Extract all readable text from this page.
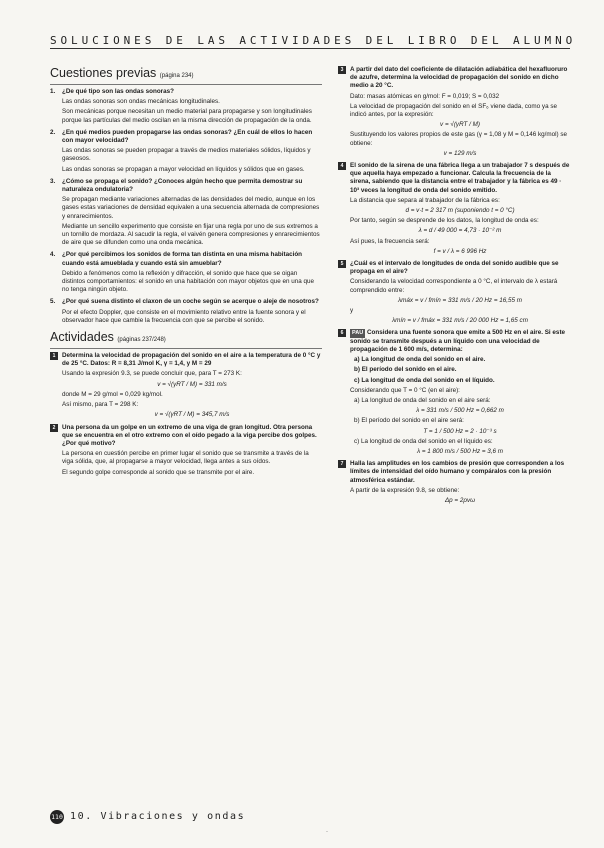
SOLUCIONES DE LAS ACTIVIDADES DEL LIBRO DEL ALUMNO
Cuestiones previas (página 234)
1. ¿De qué tipo son las ondas sonoras?

Las ondas sonoras son ondas mecánicas longitudinales.

Son mecánicas porque necesitan un medio material para propagarse y son longitudinales porque las partículas del medio oscilan en la misma dirección de propagación de la onda.

2. ¿En qué medios pueden propagarse las ondas sonoras? ¿En cuál de ellos lo hacen con mayor velocidad?

Las ondas sonoras se pueden propagar a través de medios materiales sólidos, líquidos y gaseosos.

Las ondas sonoras se propagan a mayor velocidad en líquidos y sólidos que en gases.

3. ¿Cómo se propaga el sonido? ¿Conoces algún hecho que permita demostrar su naturaleza ondulatoria?

Se propagan mediante variaciones alternadas de las densidades del medio, aunque en los gases estas variaciones de densidad equivalen a una secuencia alternada de compresiones y enrarecimientos.

Mediante un sencillo experimento que consiste en fijar una regla por uno de sus extremos a un tornillo de mordaza. Al sacudir la regla, el vaivén genera compresiones y enrarecimientos de aire que se difunden como una onda mecánica.

4. ¿Por qué percibimos los sonidos de forma tan distinta en una misma habitación cuando está amueblada y cuando está sin amueblar?

Debido a fenómenos como la reflexión y difracción, el sonido que hace que se oigan distintos comportamientos: el sonido en una habitación con mayor objetos que en una que no tenga ningún objeto.

5. ¿Por qué suena distinto el claxon de un coche según se acerque o aleje de nosotros?

Por el efecto Doppler, que consiste en el movimiento relativo entre la fuente sonora y el observador hace que cambie la frecuencia con que se percibe el sonido.

Actividades (páginas 237/248)
1	Determina la velocidad de propagación del sonido en el aire a la temperatura de 0 °C y de 25 °C. Datos: R = 8,31 J/mol K, γ = 1,4, y M = 29

Usando la expresión 9.3, se puede concluir que, para T = 273 K:

v = √(γRT / M) = 331 m/s

donde M = 29 g/mol = 0,029 kg/mol.

Así mismo, para T = 298 K:

v = √(γRT / M) = 345,7 m/s

2	Una persona da un golpe en un extremo de una viga de gran longitud. Otra persona que se encuentra en el otro extremo con el oído pegado a la viga percibe dos golpes. ¿Por qué motivo?

La persona en cuestión percibe en primer lugar el sonido que se transmite a través de la viga sólida, que, al propagarse a mayor velocidad, llega antes a sus oídos.

El segundo golpe corresponde al sonido que se transmite por el aire.

3	A partir del dato del coeficiente de dilatación adiabática del hexafluoruro de azufre, determina la velocidad de propagación del sonido en dicho medio a 20 °C.

Dato: masas atómicas en g/mol: F = 0,019; S = 0,032

La velocidad de propagación del sonido en el SF₆ viene dada, como ya se indicó antes, por la expresión:

v = √(γRT / M)

Sustituyendo los valores propios de este gas (γ = 1,08 y M = 0,146 kg/mol) se obtiene:

v = 129 m/s

4	El sonido de la sirena de una fábrica llega a un trabajador 7 s después de que aquella haya empezado a funcionar. Calcula la frecuencia de la sirena, sabiendo que la distancia entre el trabajador y la fábrica es 49 · 10³ veces la longitud de onda del sonido emitido.

La distancia que separa al trabajador de la fábrica es:

d = v·t = 2 317 m (suponiendo t = 0 °C)

Por tanto, según se desprende de los datos, la longitud de onda es:

λ = d / 49 000 = 4,73 · 10⁻² m

Así pues, la frecuencia será:

f = v / λ = 6 996 Hz

5	¿Cuál es el intervalo de longitudes de onda del sonido audible que se propaga en el aire?

Considerando la velocidad correspondiente a 0 °C, el intervalo de λ estará comprendido entre:

λmáx = v / fmín = 331 m/s / 20 Hz = 16,55 m

y

λmín = v / fmáx = 331 m/s / 20 000 Hz = 1,65 cm

6	PAU Considera una fuente sonora que emite a 500 Hz en el aire. Si este sonido se transmite después a un líquido con una velocidad de propagación de 1 600 m/s, determina:

a) La longitud de onda del sonido en el aire.

b) El período del sonido en el aire.

c) La longitud de onda del sonido en el líquido.

Considerando que T = 0 °C (en el aire):

a) La longitud de onda del sonido en el aire será:

λ = 331 m/s / 500 Hz = 0,662 m

b) El período del sonido en el aire será:

T = 1 / 500 Hz = 2 · 10⁻³ s

c) La longitud de onda del sonido en el líquido es:

λ = 1 800 m/s / 500 Hz = 3,6 m

7	Halla las amplitudes en los cambios de presión que corresponden a los límites de intensidad del oído humano y compáralos con la presión atmosférica estándar.

A partir de la expresión 9.8, se obtiene:

Δp = 2ρvω

110 10. Vibraciones y ondas
·
